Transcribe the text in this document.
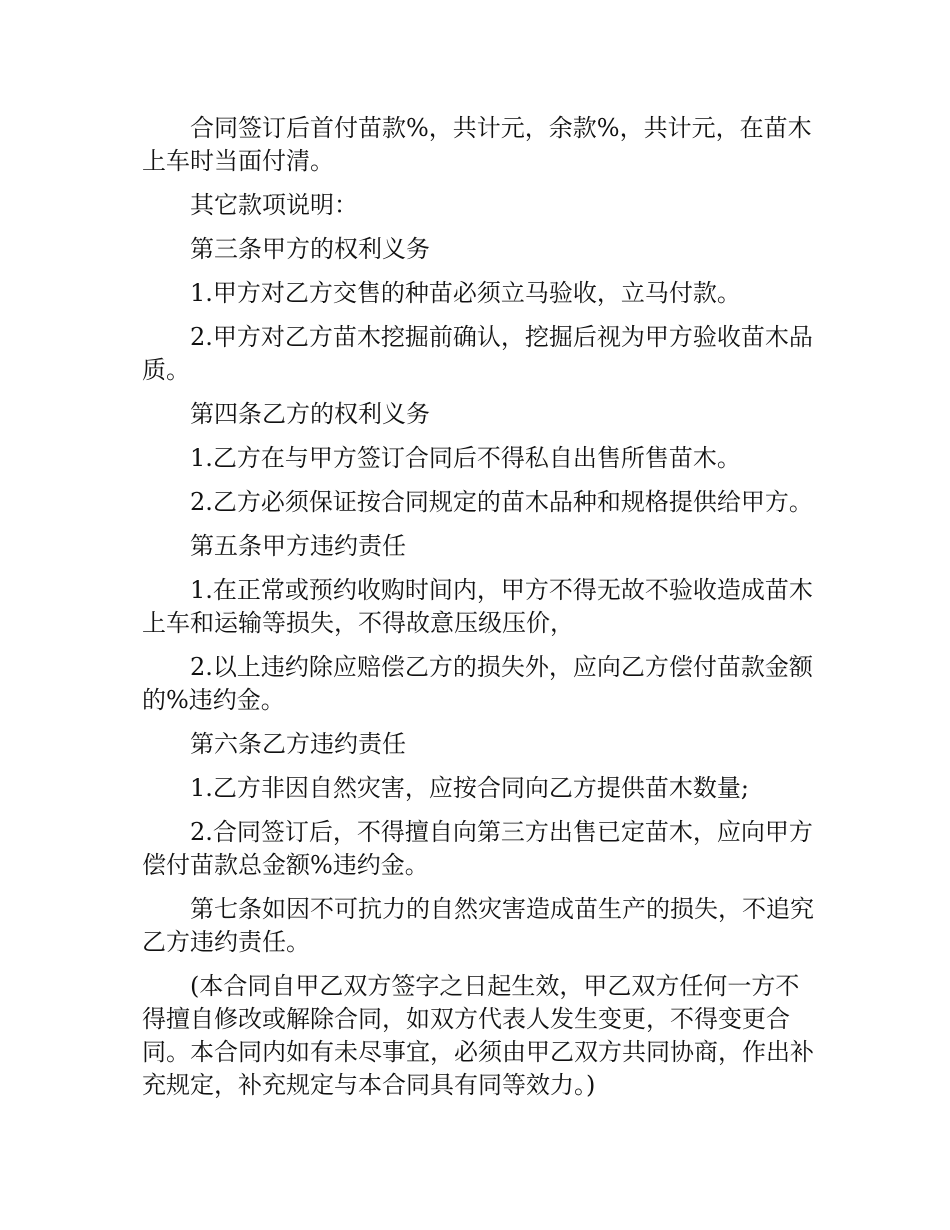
合同签订后首付苗款%，共计元，余款%，共计元，在苗木上车时当面付清。

其它款项说明：

第三条甲方的权利义务

1.甲方对乙方交售的种苗必须立马验收，立马付款。

2.甲方对乙方苗木挖掘前确认，挖掘后视为甲方验收苗木品质。

第四条乙方的权利义务

1.乙方在与甲方签订合同后不得私自出售所售苗木。

2.乙方必须保证按合同规定的苗木品种和规格提供给甲方。

第五条甲方违约责任

1.在正常或预约收购时间内，甲方不得无故不验收造成苗木上车和运输等损失，不得故意压级压价，

2.以上违约除应赔偿乙方的损失外，应向乙方偿付苗款金额的%违约金。

第六条乙方违约责任

1.乙方非因自然灾害，应按合同向乙方提供苗木数量;

2.合同签订后，不得擅自向第三方出售已定苗木，应向甲方偿付苗款总金额%违约金。

第七条如因不可抗力的自然灾害造成苗生产的损失，不追究乙方违约责任。

(本合同自甲乙双方签字之日起生效，甲乙双方任何一方不得擅自修改或解除合同，如双方代表人发生变更，不得变更合同。本合同内如有未尽事宜，必须由甲乙双方共同协商，作出补充规定，补充规定与本合同具有同等效力。)
